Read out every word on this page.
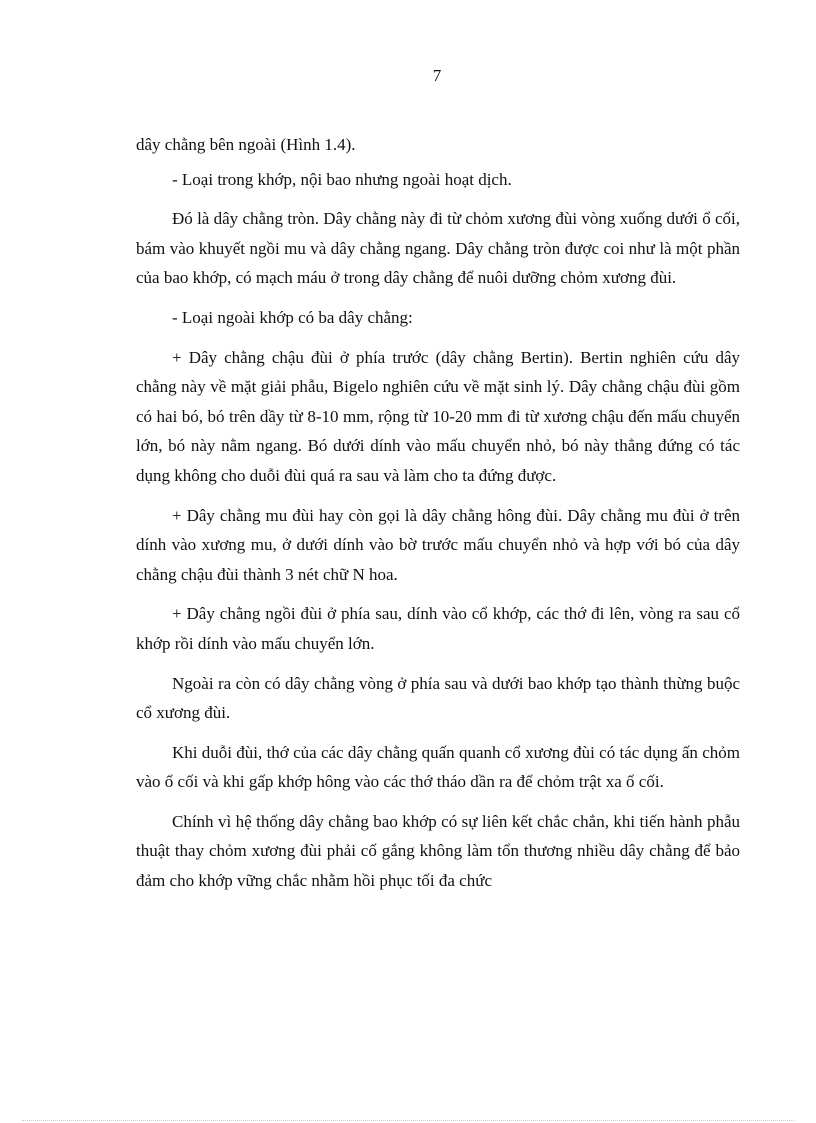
7

dây chằng bên ngoài (Hình 1.4).

- Loại trong khớp, nội bao nhưng ngoài hoạt dịch.

Đó là dây chằng tròn. Dây chằng này đi từ chỏm xương đùi vòng xuống dưới ổ cối, bám vào khuyết ngồi mu và dây chằng ngang. Dây chằng tròn được coi như là một phần của bao khớp, có mạch máu ở trong dây chằng để nuôi dưỡng chỏm xương đùi.

- Loại ngoài khớp có ba dây chằng:

+ Dây chằng chậu đùi ở phía trước (dây chằng Bertin). Bertin nghiên cứu dây chằng này về mặt giải phẫu, Bigelo nghiên cứu về mặt sinh lý. Dây chằng chậu đùi gồm có hai bó, bó trên dầy từ 8-10 mm, rộng từ 10-20 mm đi từ xương chậu đến mấu chuyển lớn, bó này nằm ngang. Bó dưới dính vào mấu chuyển nhỏ, bó này thẳng đứng có tác dụng không cho duỗi đùi quá ra sau và làm cho ta đứng được.

+ Dây chằng mu đùi hay còn gọi là dây chằng hông đùi. Dây chằng mu đùi ở trên dính vào xương mu, ở dưới dính vào bờ trước mấu chuyển nhỏ và hợp với bó của dây chằng chậu đùi thành 3 nét chữ N hoa.

+ Dây chằng ngồi đùi ở phía sau, dính vào cổ khớp, các thớ đi lên, vòng ra sau cổ khớp rồi dính vào mấu chuyển lớn.

Ngoài ra còn có dây chằng vòng ở phía sau và dưới bao khớp tạo thành thừng buộc cổ xương đùi.

Khi duỗi đùi, thớ của các dây chằng quấn quanh cổ xương đùi có tác dụng ấn chỏm vào ổ cối và khi gấp khớp hông vào các thớ tháo dần ra để chỏm trật xa ổ cối.

Chính vì hệ thống dây chằng bao khớp có sự liên kết chắc chắn, khi tiến hành phẫu thuật thay chỏm xương đùi phải cố gắng không làm tổn thương nhiều dây chằng để bảo đảm cho khớp vững chắc nhằm hồi phục tối đa chức
